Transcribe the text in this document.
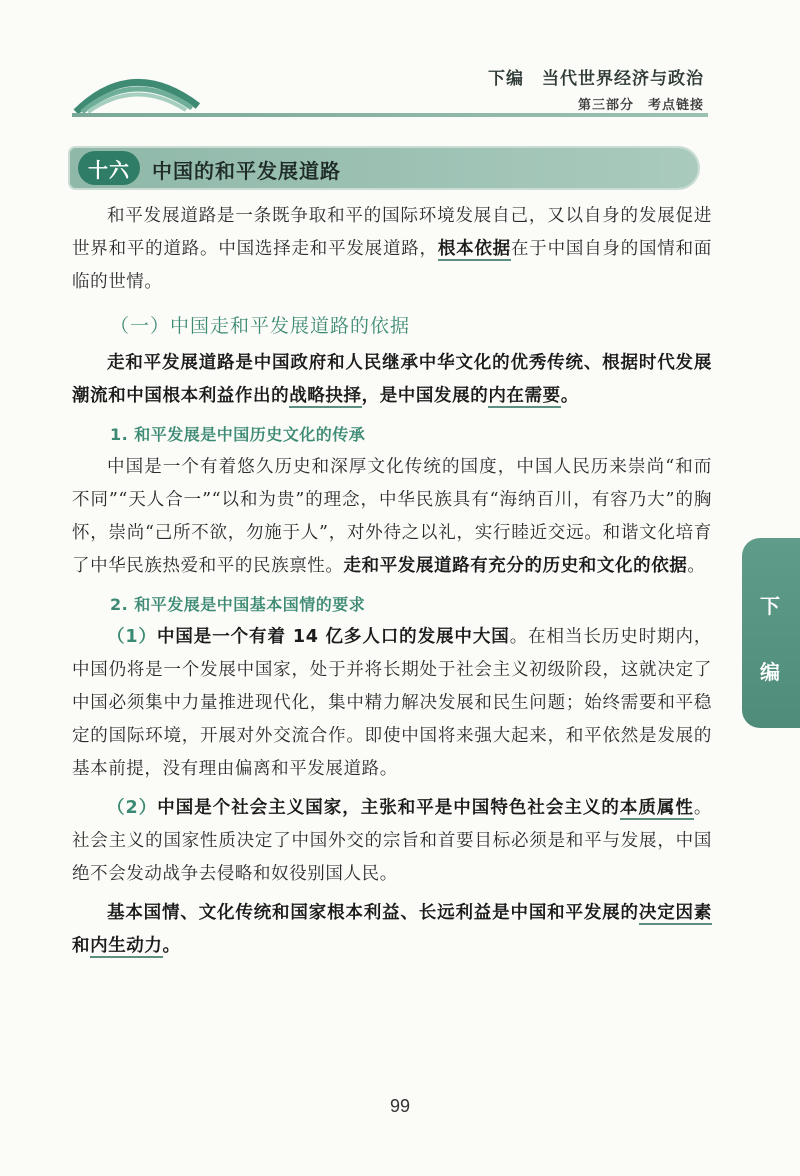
下编　当代世界经济与政治
第三部分　考点链接
十六	中国的和平发展道路

和平发展道路是一条既争取和平的国际环境发展自己，又以自身的发展促进世界和平的道路。中国选择走和平发展道路，根本依据在于中国自身的国情和面临的世情。

（一）中国走和平发展道路的依据

走和平发展道路是中国政府和人民继承中华文化的优秀传统、根据时代发展潮流和中国根本利益作出的战略抉择，是中国发展的内在需要。

1. 和平发展是中国历史文化的传承

中国是一个有着悠久历史和深厚文化传统的国度，中国人民历来崇尚“和而不同”“天人合一”“以和为贵”的理念，中华民族具有“海纳百川，有容乃大”的胸怀，崇尚“己所不欲，勿施于人”，对外待之以礼，实行睦近交远。和谐文化培育了中华民族热爱和平的民族禀性。走和平发展道路有充分的历史和文化的依据。

2. 和平发展是中国基本国情的要求

（1）中国是一个有着 14 亿多人口的发展中大国。在相当长历史时期内，中国仍将是一个发展中国家，处于并将长期处于社会主义初级阶段，这就决定了中国必须集中力量推进现代化，集中精力解决发展和民生问题；始终需要和平稳定的国际环境，开展对外交流合作。即使中国将来强大起来，和平依然是发展的基本前提，没有理由偏离和平发展道路。

（2）中国是个社会主义国家，主张和平是中国特色社会主义的本质属性。社会主义的国家性质决定了中国外交的宗旨和首要目标必须是和平与发展，中国绝不会发动战争去侵略和奴役别国人民。

基本国情、文化传统和国家根本利益、长远利益是中国和平发展的决定因素和内生动力。

下
编
99
